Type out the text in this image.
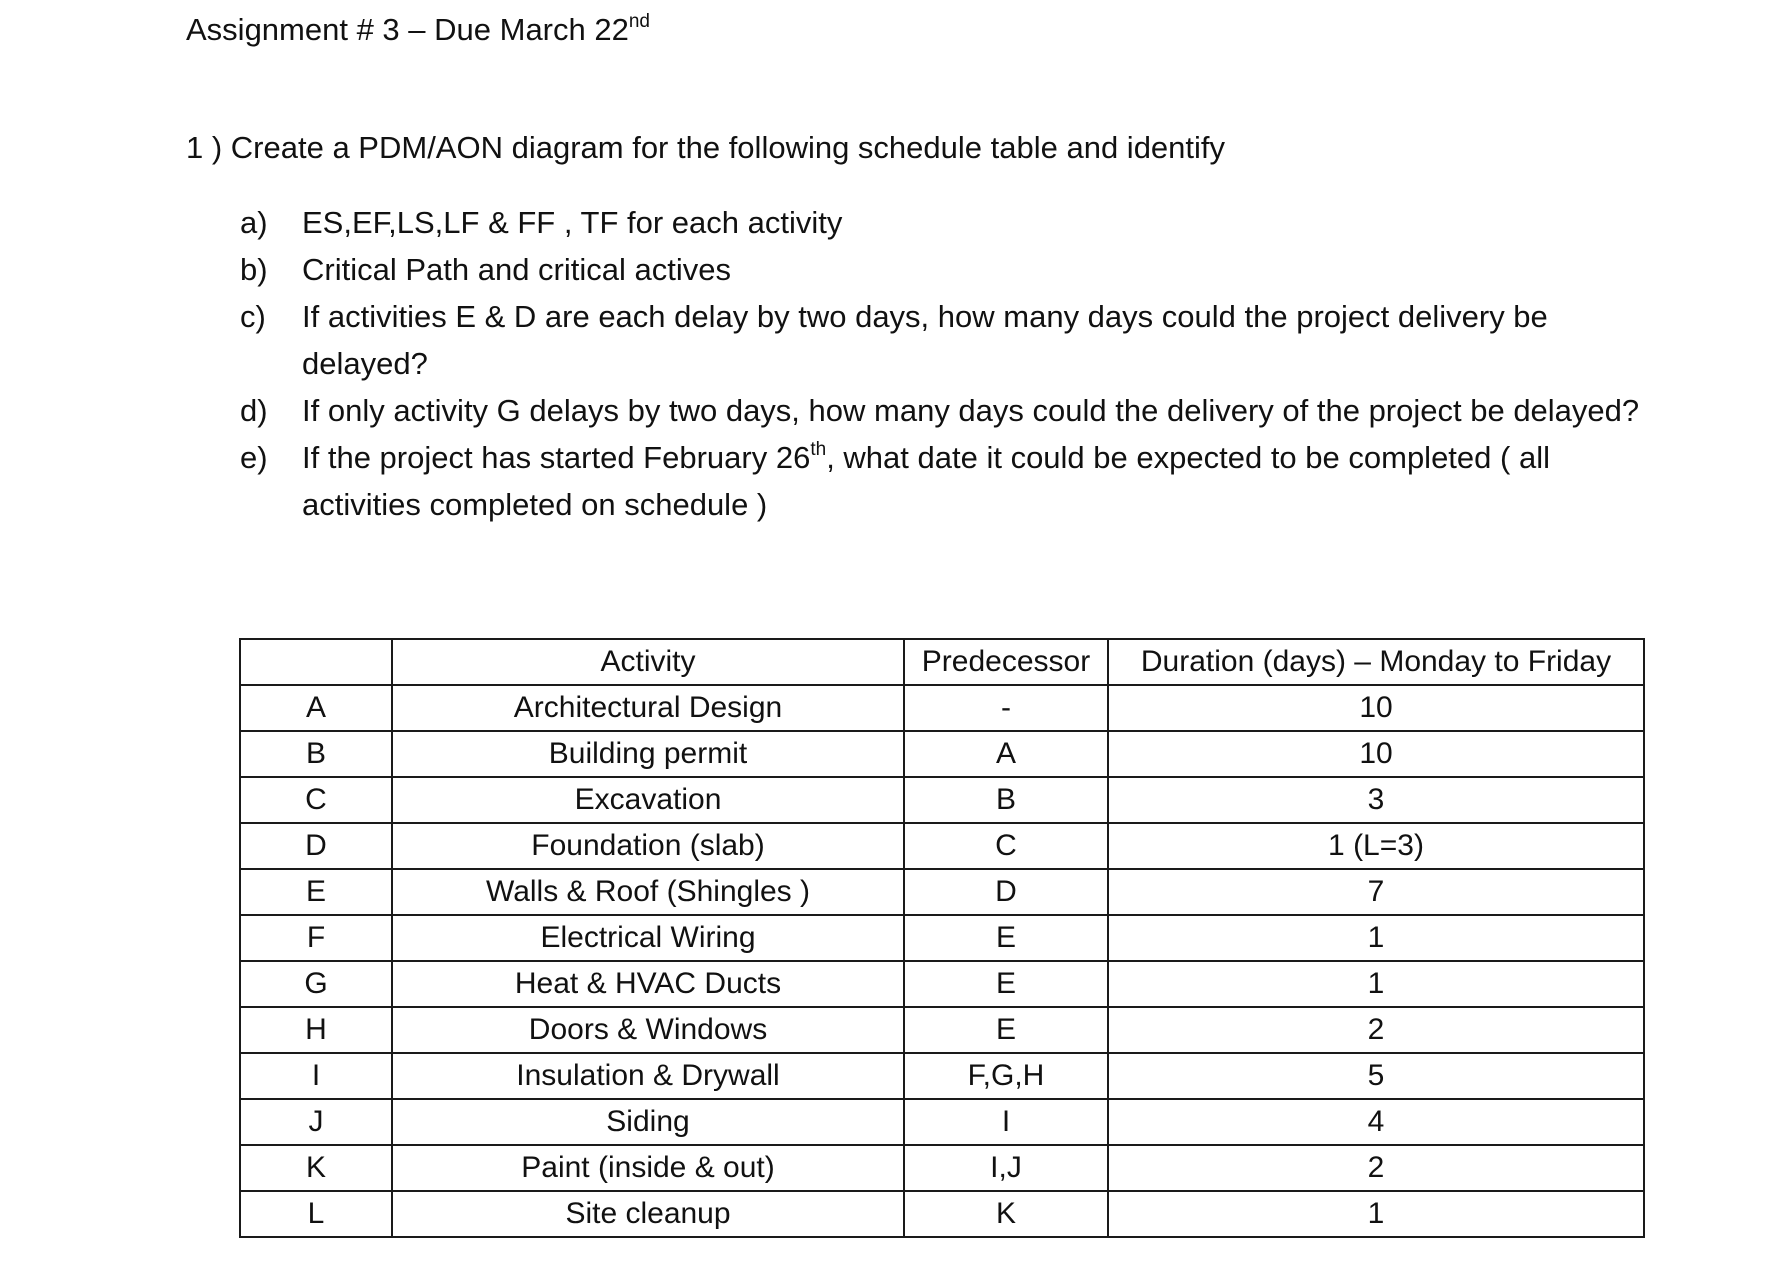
Assignment # 3 – Due March 22nd
1 ) Create a PDM/AON diagram for the following schedule table and identify
a)	ES,EF,LS,LF & FF , TF for each activity
b)	Critical Path and critical actives
c)	If activities E & D are each delay by two days, how many days could the project delivery be delayed?
d)	If only activity G delays by two days, how many days could the delivery of the project be delayed?
e)	If the project has started February 26th, what date it could be expected to be completed ( all activities completed on schedule )
	Activity	Predecessor	Duration (days) – Monday to Friday
A	Architectural Design	-	10
B	Building permit	A	10
C	Excavation	B	3
D	Foundation (slab)	C	1 (L=3)
E	Walls & Roof (Shingles )	D	7
F	Electrical Wiring	E	1
G	Heat & HVAC Ducts	E	1
H	Doors & Windows	E	2
I	Insulation & Drywall	F,G,H	5
J	Siding	I	4
K	Paint (inside & out)	I,J	2
L	Site cleanup	K	1
